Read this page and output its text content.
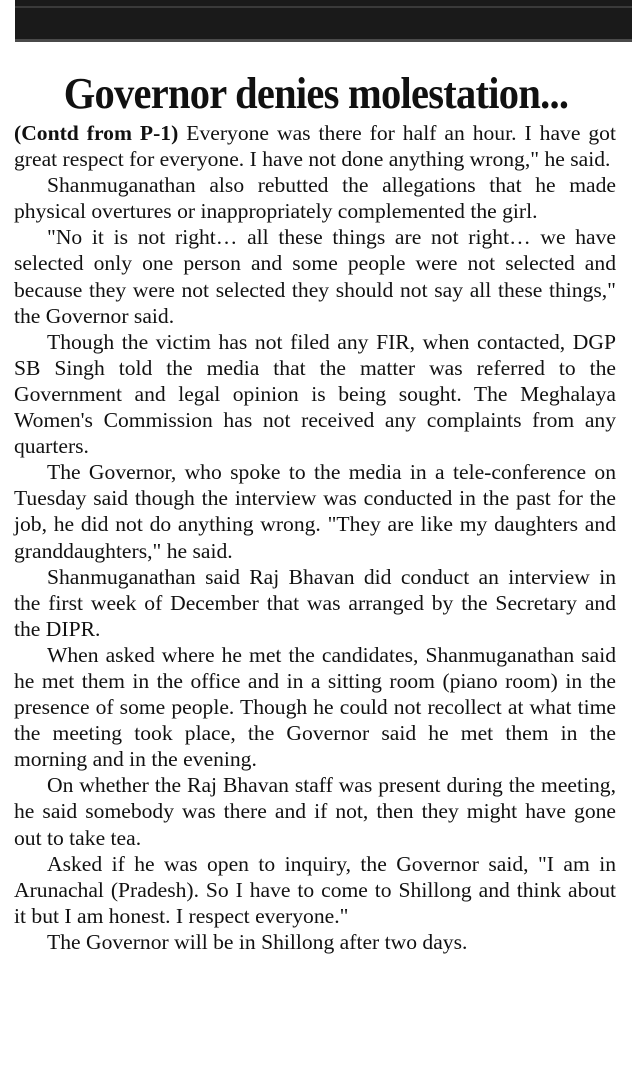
Governor denies molestation...

(Contd from P-1) Everyone was there for half an hour. I have got great respect for everyone. I have not done anything wrong," he said.

Shanmuganathan also rebutted the allegations that he made physical overtures or inappropriately complemented the girl.

"No it is not right… all these things are not right… we have selected only one person and some people were not selected and because they were not selected they should not say all these things," the Governor said.

Though the victim has not filed any FIR, when contacted, DGP SB Singh told the media that the matter was referred to the Government and legal opinion is being sought. The Meghalaya Women's Commission has not received any complaints from any quarters.

The Governor, who spoke to the media in a tele-conference on Tuesday said though the interview was conducted in the past for the job, he did not do anything wrong. "They are like my daughters and granddaughters," he said.

Shanmuganathan said Raj Bhavan did conduct an interview in the first week of December that was arranged by the Secretary and the DIPR.

When asked where he met the candidates, Shanmuganathan said he met them in the office and in a sitting room (piano room) in the presence of some people. Though he could not recollect at what time the meeting took place, the Governor said he met them in the morning and in the evening.

On whether the Raj Bhavan staff was present during the meeting, he said somebody was there and if not, then they might have gone out to take tea.

Asked if he was open to inquiry, the Governor said, "I am in Arunachal (Pradesh). So I have to come to Shillong and think about it but I am honest. I respect everyone."

The Governor will be in Shillong after two days.
